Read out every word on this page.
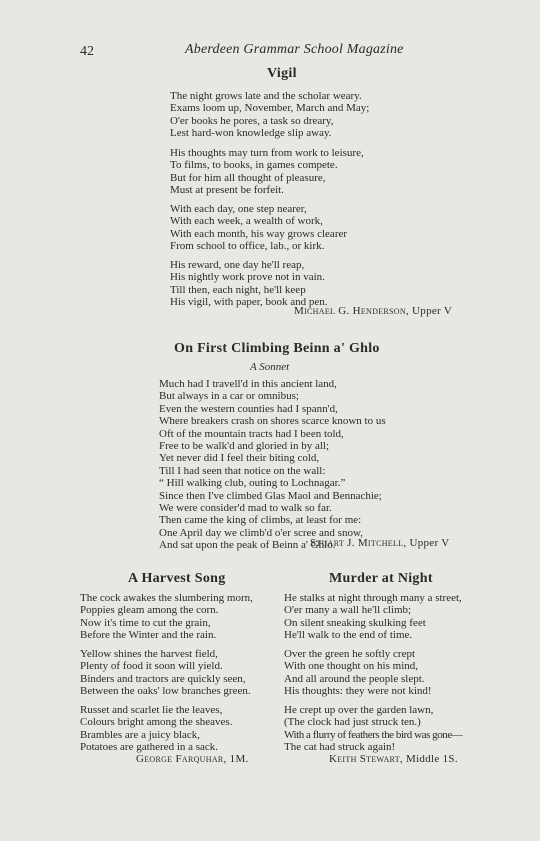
42	Aberdeen Grammar School Magazine
Vigil
The night grows late and the scholar weary.
Exams loom up, November, March and May;
O'er books he pores, a task so dreary,
Lest hard-won knowledge slip away.
His thoughts may turn from work to leisure,
To films, to books, in games compete.
But for him all thought of pleasure,
Must at present be forfeit.
With each day, one step nearer,
With each week, a wealth of work,
With each month, his way grows clearer
From school to office, lab., or kirk.
His reward, one day he'll reap,
His nightly work prove not in vain.
Till then, each night, he'll keep
His vigil, with paper, book and pen.
Michael G. Henderson, Upper V
On First Climbing Beinn a' Ghlo
A Sonnet
Much had I travell'd in this ancient land,
But always in a car or omnibus;
Even the western counties had I spann'd,
Where breakers crash on shores scarce known to us
Oft of the mountain tracts had I been told,
Free to be walk'd and gloried in by all;
Yet never did I feel their biting cold,
Till I had seen that notice on the wall:
“ Hill walking club, outing to Lochnagar.”
Since then I've climbed Glas Maol and Bennachie;
We were consider'd mad to walk so far.
Then came the king of climbs, at least for me:
One April day we climb'd o'er scree and snow,
And sat upon the peak of Beinn a' Ghlo.
Stuart J. Mitchell, Upper V
A Harvest Song
The cock awakes the slumbering morn,
Poppies gleam among the corn.
Now it's time to cut the grain,
Before the Winter and the rain.
Yellow shines the harvest field,
Plenty of food it soon will yield.
Binders and tractors are quickly seen,
Between the oaks' low branches green.
Russet and scarlet lie the leaves,
Colours bright among the sheaves.
Brambles are a juicy black,
Potatoes are gathered in a sack.
George Farquhar, 1M.
Murder at Night
He stalks at night through many a street,
O'er many a wall he'll climb;
On silent sneaking skulking feet
He'll walk to the end of time.
Over the green he softly crept
With one thought on his mind,
And all around the people slept.
His thoughts: they were not kind!
He crept up over the garden lawn,
(The clock had just struck ten.)
With a flurry of feathers the bird was gone—
The cat had struck again!
Keith Stewart, Middle 1S.
